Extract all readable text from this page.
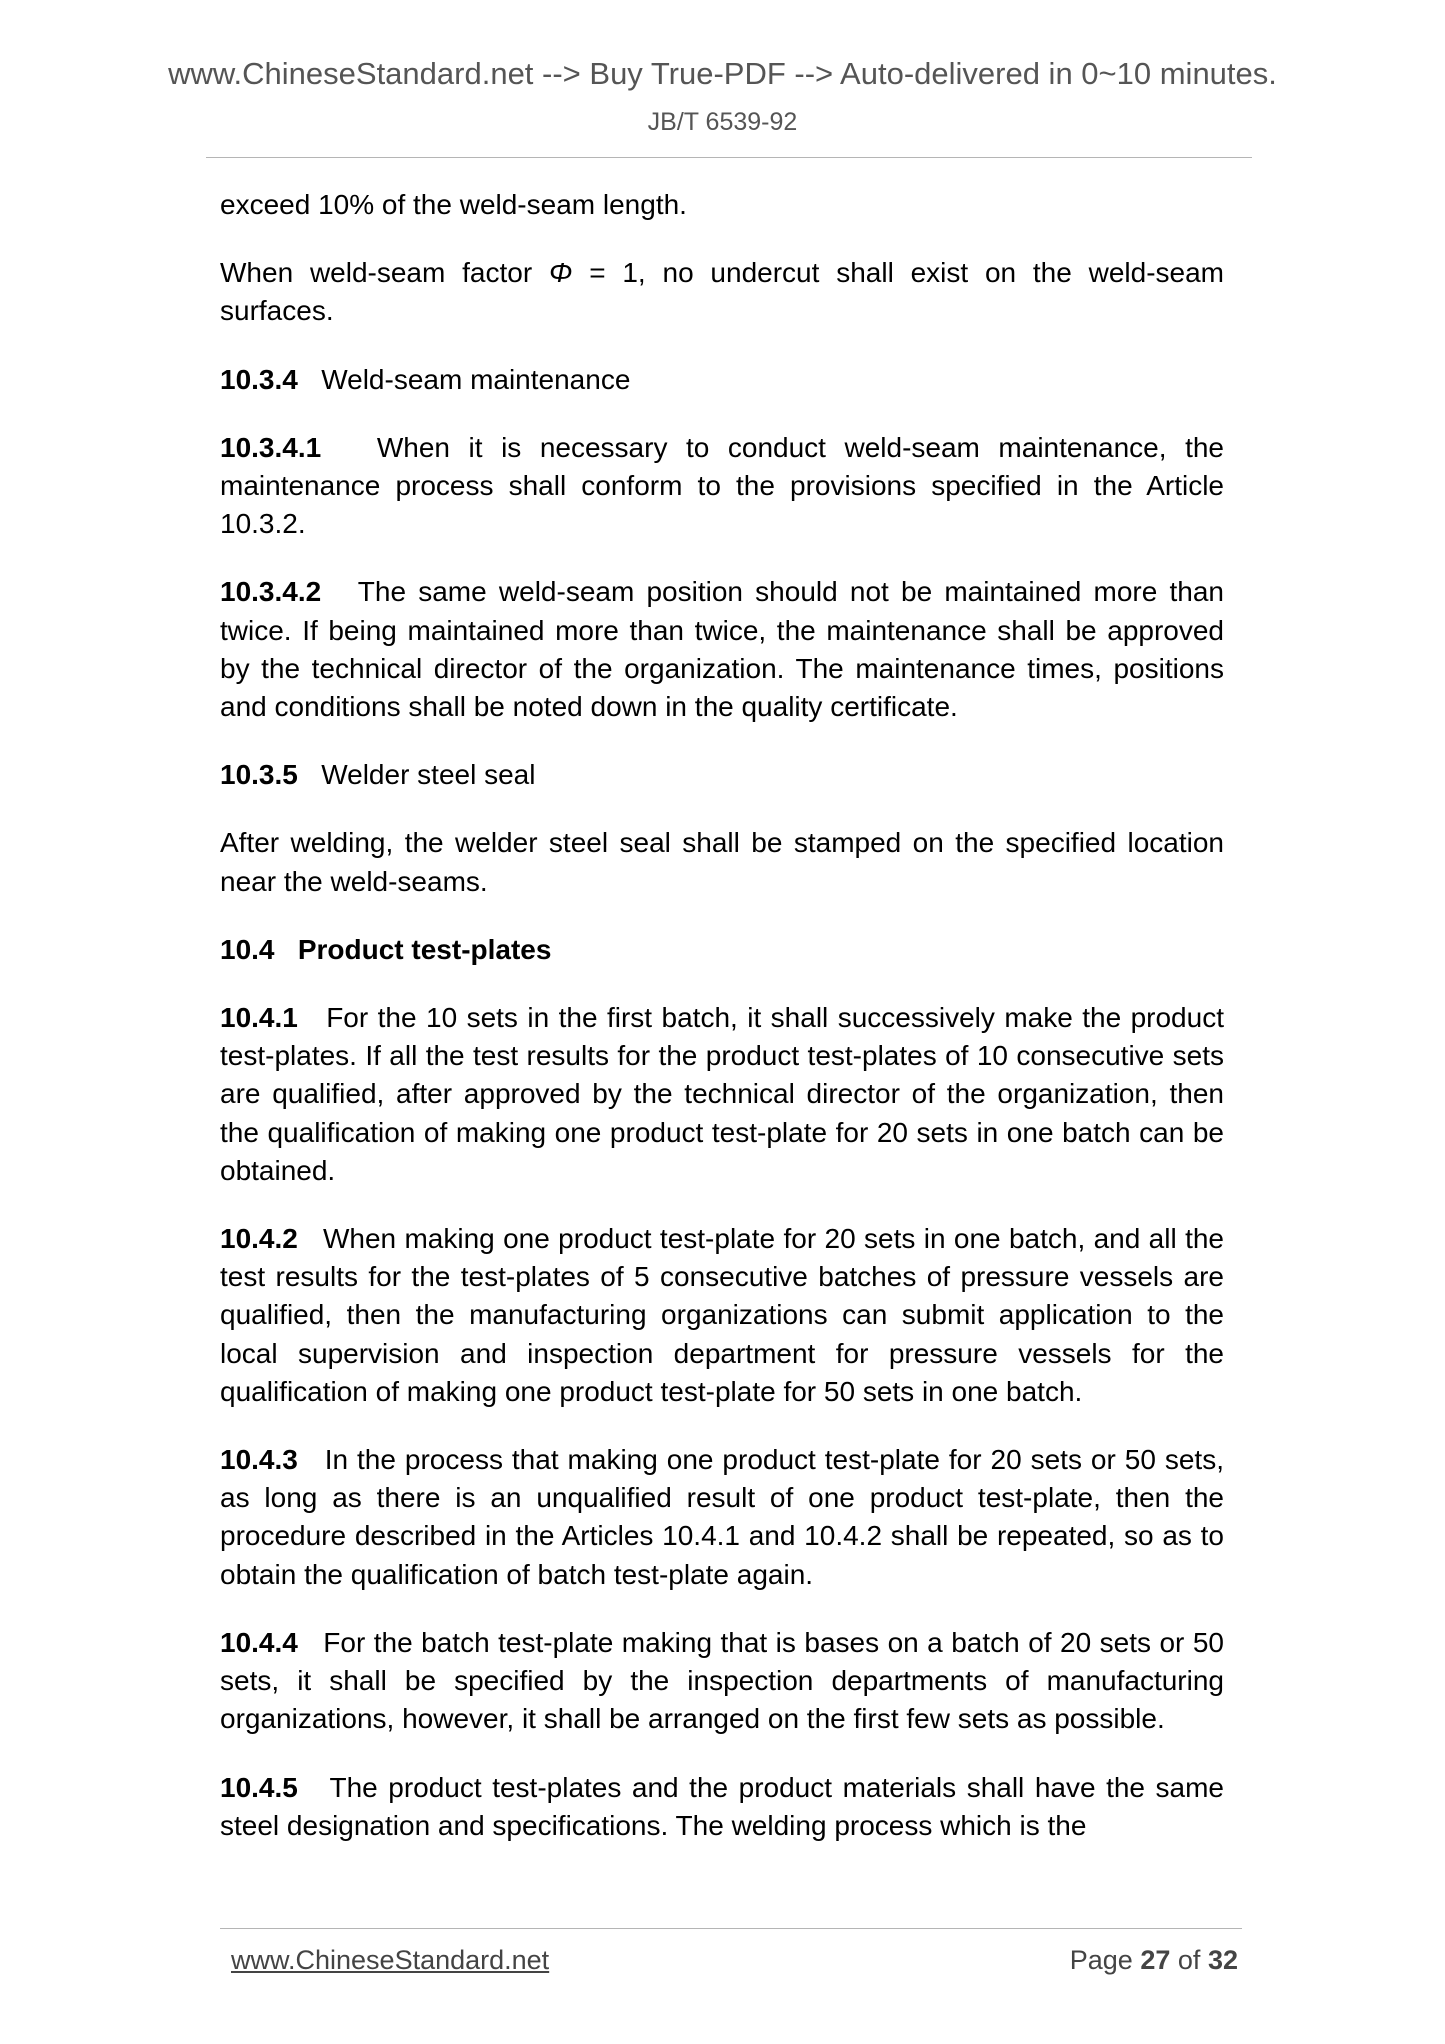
www.ChineseStandard.net --> Buy True-PDF --> Auto-delivered in 0~10 minutes.
JB/T 6539-92

exceed 10% of the weld-seam length.

When weld-seam factor Φ = 1, no undercut shall exist on the weld-seam surfaces.

10.3.4 Weld-seam maintenance

10.3.4.1 When it is necessary to conduct weld-seam maintenance, the maintenance process shall conform to the provisions specified in the Article 10.3.2.

10.3.4.2 The same weld-seam position should not be maintained more than twice. If being maintained more than twice, the maintenance shall be approved by the technical director of the organization. The maintenance times, positions and conditions shall be noted down in the quality certificate.

10.3.5 Welder steel seal

After welding, the welder steel seal shall be stamped on the specified location near the weld-seams.

10.4 Product test-plates

10.4.1 For the 10 sets in the first batch, it shall successively make the product test-plates. If all the test results for the product test-plates of 10 consecutive sets are qualified, after approved by the technical director of the organization, then the qualification of making one product test-plate for 20 sets in one batch can be obtained.

10.4.2 When making one product test-plate for 20 sets in one batch, and all the test results for the test-plates of 5 consecutive batches of pressure vessels are qualified, then the manufacturing organizations can submit application to the local supervision and inspection department for pressure vessels for the qualification of making one product test-plate for 50 sets in one batch.

10.4.3 In the process that making one product test-plate for 20 sets or 50 sets, as long as there is an unqualified result of one product test-plate, then the procedure described in the Articles 10.4.1 and 10.4.2 shall be repeated, so as to obtain the qualification of batch test-plate again.

10.4.4 For the batch test-plate making that is bases on a batch of 20 sets or 50 sets, it shall be specified by the inspection departments of manufacturing organizations, however, it shall be arranged on the first few sets as possible.

10.4.5 The product test-plates and the product materials shall have the same steel designation and specifications. The welding process which is the

www.ChineseStandard.net	Page 27 of 32
